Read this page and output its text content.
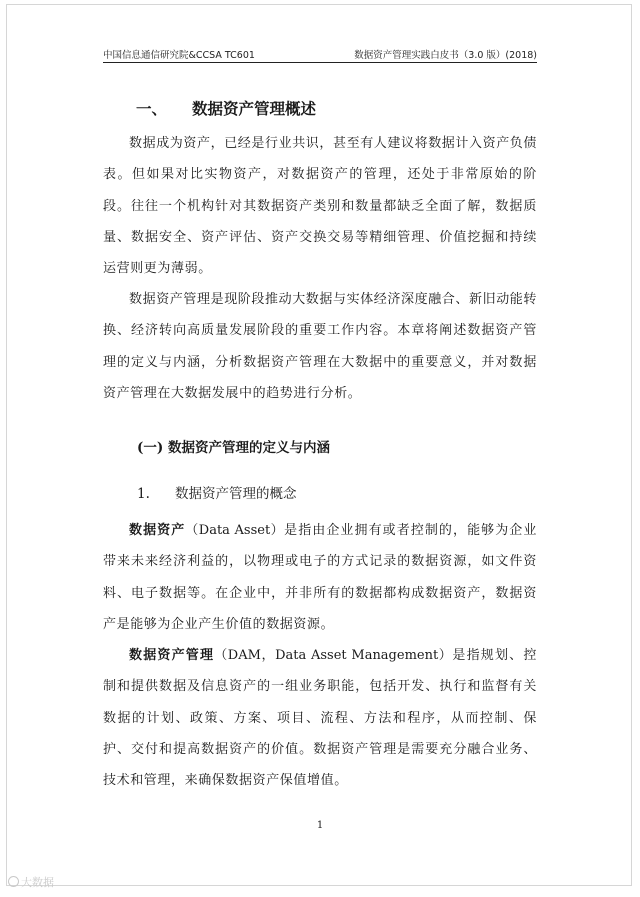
中国信息通信研究院&CCSA TC601	数据资产管理实践白皮书（3.0 版）(2018)
一、 数据资产管理概述
数据成为资产，已经是行业共识，甚至有人建议将数据计入资产负债表。但如果对比实物资产，对数据资产的管理，还处于非常原始的阶段。往往一个机构针对其数据资产类别和数量都缺乏全面了解，数据质量、数据安全、资产评估、资产交换交易等精细管理、价值挖掘和持续运营则更为薄弱。
数据资产管理是现阶段推动大数据与实体经济深度融合、新旧动能转换、经济转向高质量发展阶段的重要工作内容。本章将阐述数据资产管理的定义与内涵，分析数据资产管理在大数据中的重要意义，并对数据资产管理在大数据发展中的趋势进行分析。
(一) 数据资产管理的定义与内涵
1. 数据资产管理的概念
数据资产（Data Asset）是指由企业拥有或者控制的，能够为企业带来未来经济利益的，以物理或电子的方式记录的数据资源，如文件资料、电子数据等。在企业中，并非所有的数据都构成数据资产，数据资产是能够为企业产生价值的数据资源。
数据资产管理（DAM，Data Asset Management）是指规划、控制和提供数据及信息资产的一组业务职能，包括开发、执行和监督有关数据的计划、政策、方案、项目、流程、方法和程序，从而控制、保护、交付和提高数据资产的价值。数据资产管理是需要充分融合业务、技术和管理，来确保数据资产保值增值。
1
大数据
